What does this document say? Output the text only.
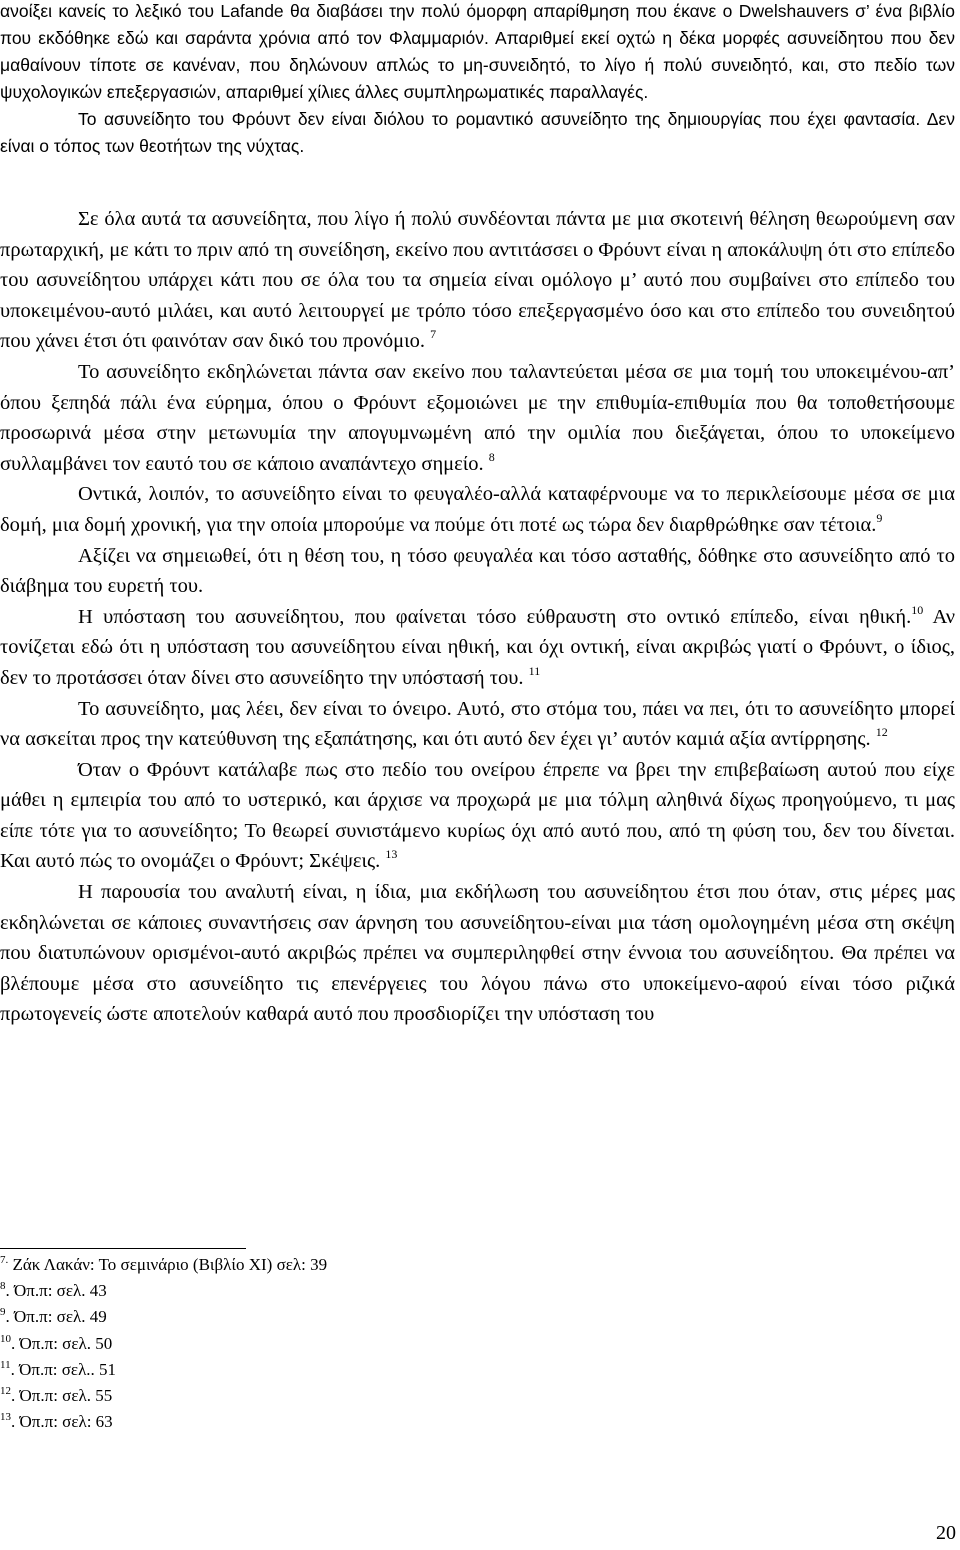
ανοίξει κανείς το λεξικό του Lafande θα διαβάσει την πολύ όμορφη απαρίθμηση που έκανε ο Dwelshauvers σ’ ένα βιβλίο που εκδόθηκε εδώ και σαράντα χρόνια από τον Φλαμμαριόν. Απαριθμεί εκεί οχτώ η δέκα μορφές ασυνείδητου που δεν μαθαίνουν τίποτε σε κανέναν, που δηλώνουν απλώς το μη-συνειδητό, το λίγο ή πολύ συνειδητό, και, στο πεδίο των ψυχολογικών επεξεργασιών, απαριθμεί χίλιες άλλες συμπληρωματικές παραλλαγές.

Το ασυνείδητο του Φρόυντ δεν είναι διόλου το ρομαντικό ασυνείδητο της δημιουργίας που έχει φαντασία. Δεν είναι ο τόπος των θεοτήτων της νύχτας.

Σε όλα αυτά τα ασυνείδητα, που λίγο ή πολύ συνδέονται πάντα με μια σκοτεινή θέληση θεωρούμενη σαν πρωταρχική, με κάτι το πριν από τη συνείδηση, εκείνο που αντιτάσσει ο Φρόυντ είναι η αποκάλυψη ότι στο επίπεδο του ασυνείδητου υπάρχει κάτι που σε όλα του τα σημεία είναι ομόλογο μ’ αυτό που συμβαίνει στο επίπεδο του υποκειμένου-αυτό μιλάει, και αυτό λειτουργεί με τρόπο τόσο επεξεργασμένο όσο και στο επίπεδο του συνειδητού που χάνει έτσι ότι φαινόταν σαν δικό του προνόμιο. $^7$

Το ασυνείδητο εκδηλώνεται πάντα σαν εκείνο που ταλαντεύεται μέσα σε μια τομή του υποκειμένου-απ’ όπου ξεπηδά πάλι ένα εύρημα, όπου ο Φρόυντ εξομοιώνει με την επιθυμία-επιθυμία που θα τοποθετήσουμε προσωρινά μέσα στην μετωνυμία την απογυμνωμένη από την ομιλία που διεξάγεται, όπου το υποκείμενο συλλαμβάνει τον εαυτό του σε κάποιο αναπάντεχο σημείο. $^8$

Οντικά, λοιπόν, το ασυνείδητο είναι το φευγαλέο-αλλά καταφέρνουμε να το περικλείσουμε μέσα σε μια δομή, μια δομή χρονική, για την οποία μπορούμε να πούμε ότι ποτέ ως τώρα δεν διαρθρώθηκε σαν τέτοια.$^9$

Αξίζει να σημειωθεί, ότι η θέση του, η τόσο φευγαλέα και τόσο ασταθής, δόθηκε στο ασυνείδητο από το διάβημα του ευρετή του.

Η υπόσταση του ασυνείδητου, που φαίνεται τόσο εύθραυστη στο οντικό επίπεδο, είναι ηθική.$^{10}$ Αν τονίζεται εδώ ότι η υπόσταση του ασυνείδητου είναι ηθική, και όχι οντική, είναι ακριβώς γιατί ο Φρόυντ, ο ίδιος, δεν το προτάσσει όταν δίνει στο ασυνείδητο την υπόστασή του. $^{11}$

Το ασυνείδητο, μας λέει, δεν είναι το όνειρο. Αυτό, στο στόμα του, πάει να πει, ότι το ασυνείδητο μπορεί να ασκείται προς την κατεύθυνση της εξαπάτησης, και ότι αυτό δεν έχει γι’ αυτόν καμιά αξία αντίρρησης. $^{12}$

Όταν ο Φρόυντ κατάλαβε πως στο πεδίο του ονείρου έπρεπε να βρει την επιβεβαίωση αυτού που είχε μάθει η εμπειρία του από το υστερικό, και άρχισε να προχωρά με μια τόλμη αληθινά δίχως προηγούμενο, τι μας είπε τότε για το ασυνείδητο; Το θεωρεί συνιστάμενο κυρίως όχι από αυτό που, από τη φύση του, δεν του δίνεται. Και αυτό πώς το ονομάζει ο Φρόυντ; Σκέψεις. $^{13}$

Η παρουσία του αναλυτή είναι, η ίδια, μια εκδήλωση του ασυνείδητου έτσι που όταν, στις μέρες μας εκδηλώνεται σε κάποιες συναντήσεις σαν άρνηση του ασυνείδητου-είναι μια τάση ομολογημένη μέσα στη σκέψη που διατυπώνουν ορισμένοι-αυτό ακριβώς πρέπει να συμπεριληφθεί στην έννοια του ασυνείδητου. Θα πρέπει να βλέπουμε μέσα στο ασυνείδητο τις επενέργειες του λόγου πάνω στο υποκείμενο-αφού είναι τόσο ριζικά πρωτογενείς ώστε αποτελούν καθαρά αυτό που προσδιορίζει την υπόσταση του

$^{7.}$ Ζάκ Λακάν: Το σεμινάριο (Βιβλίο ΧΙ) σελ: 39

$^8$. Όπ.π: σελ. 43

$^9$. Όπ.π: σελ. 49

$^{10}$. Όπ.π: σελ. 50

$^{11}$. Όπ.π: σελ.. 51

$^{12}$. Όπ.π: σελ. 55

$^{13}$. Όπ.π: σελ: 63

20
